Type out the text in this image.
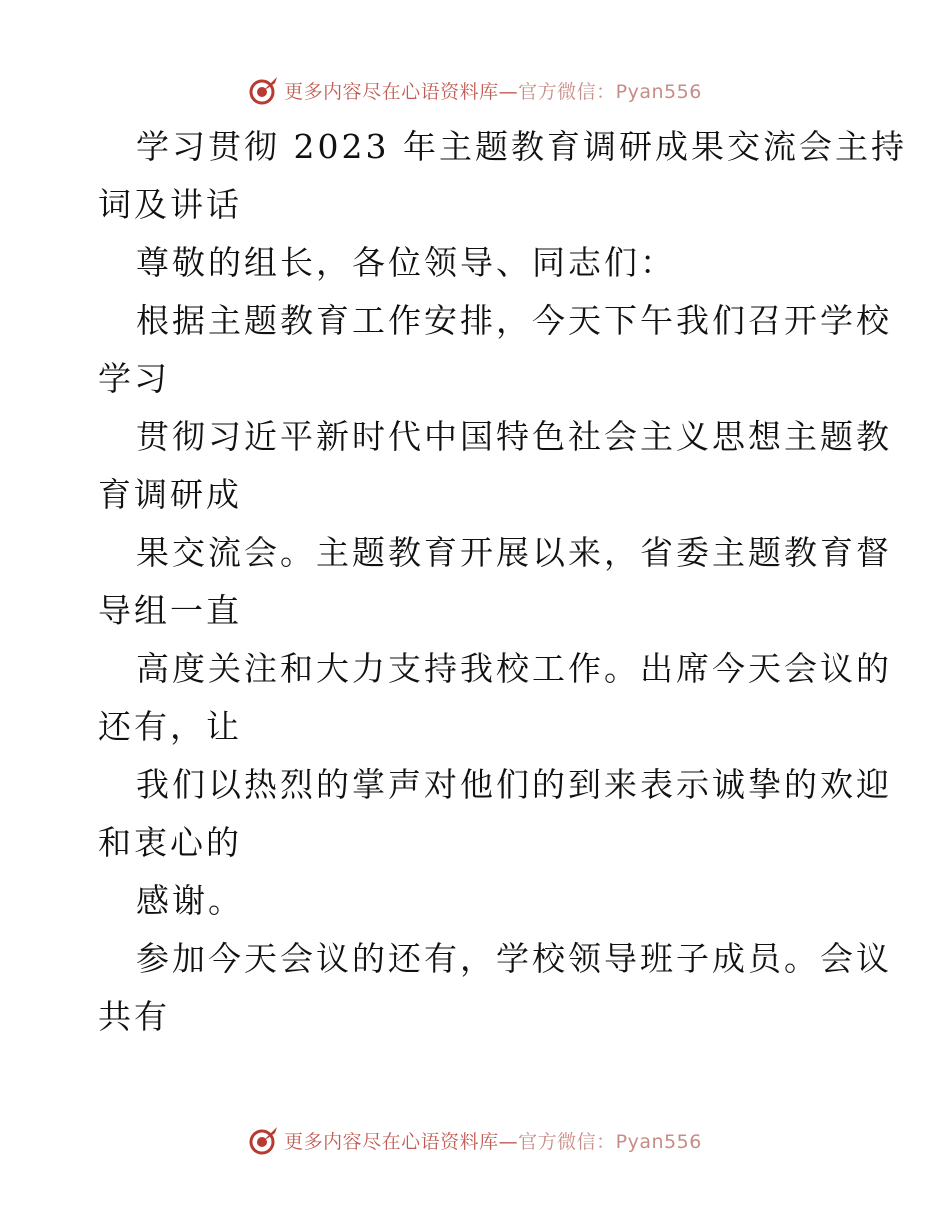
更多内容尽在心语资料库—官方微信：Pyan556
学习贯彻 2023 年主题教育调研成果交流会主持
词及讲话
尊敬的组长，各位领导、同志们：
根据主题教育工作安排，今天下午我们召开学校
学习
贯彻习近平新时代中国特色社会主义思想主题教
育调研成
果交流会。主题教育开展以来，省委主题教育督
导组一直
高度关注和大力支持我校工作。出席今天会议的
还有，让
我们以热烈的掌声对他们的到来表示诚挚的欢迎
和衷心的
感谢。
参加今天会议的还有，学校领导班子成员。会议
共有
更多内容尽在心语资料库—官方微信：Pyan556
